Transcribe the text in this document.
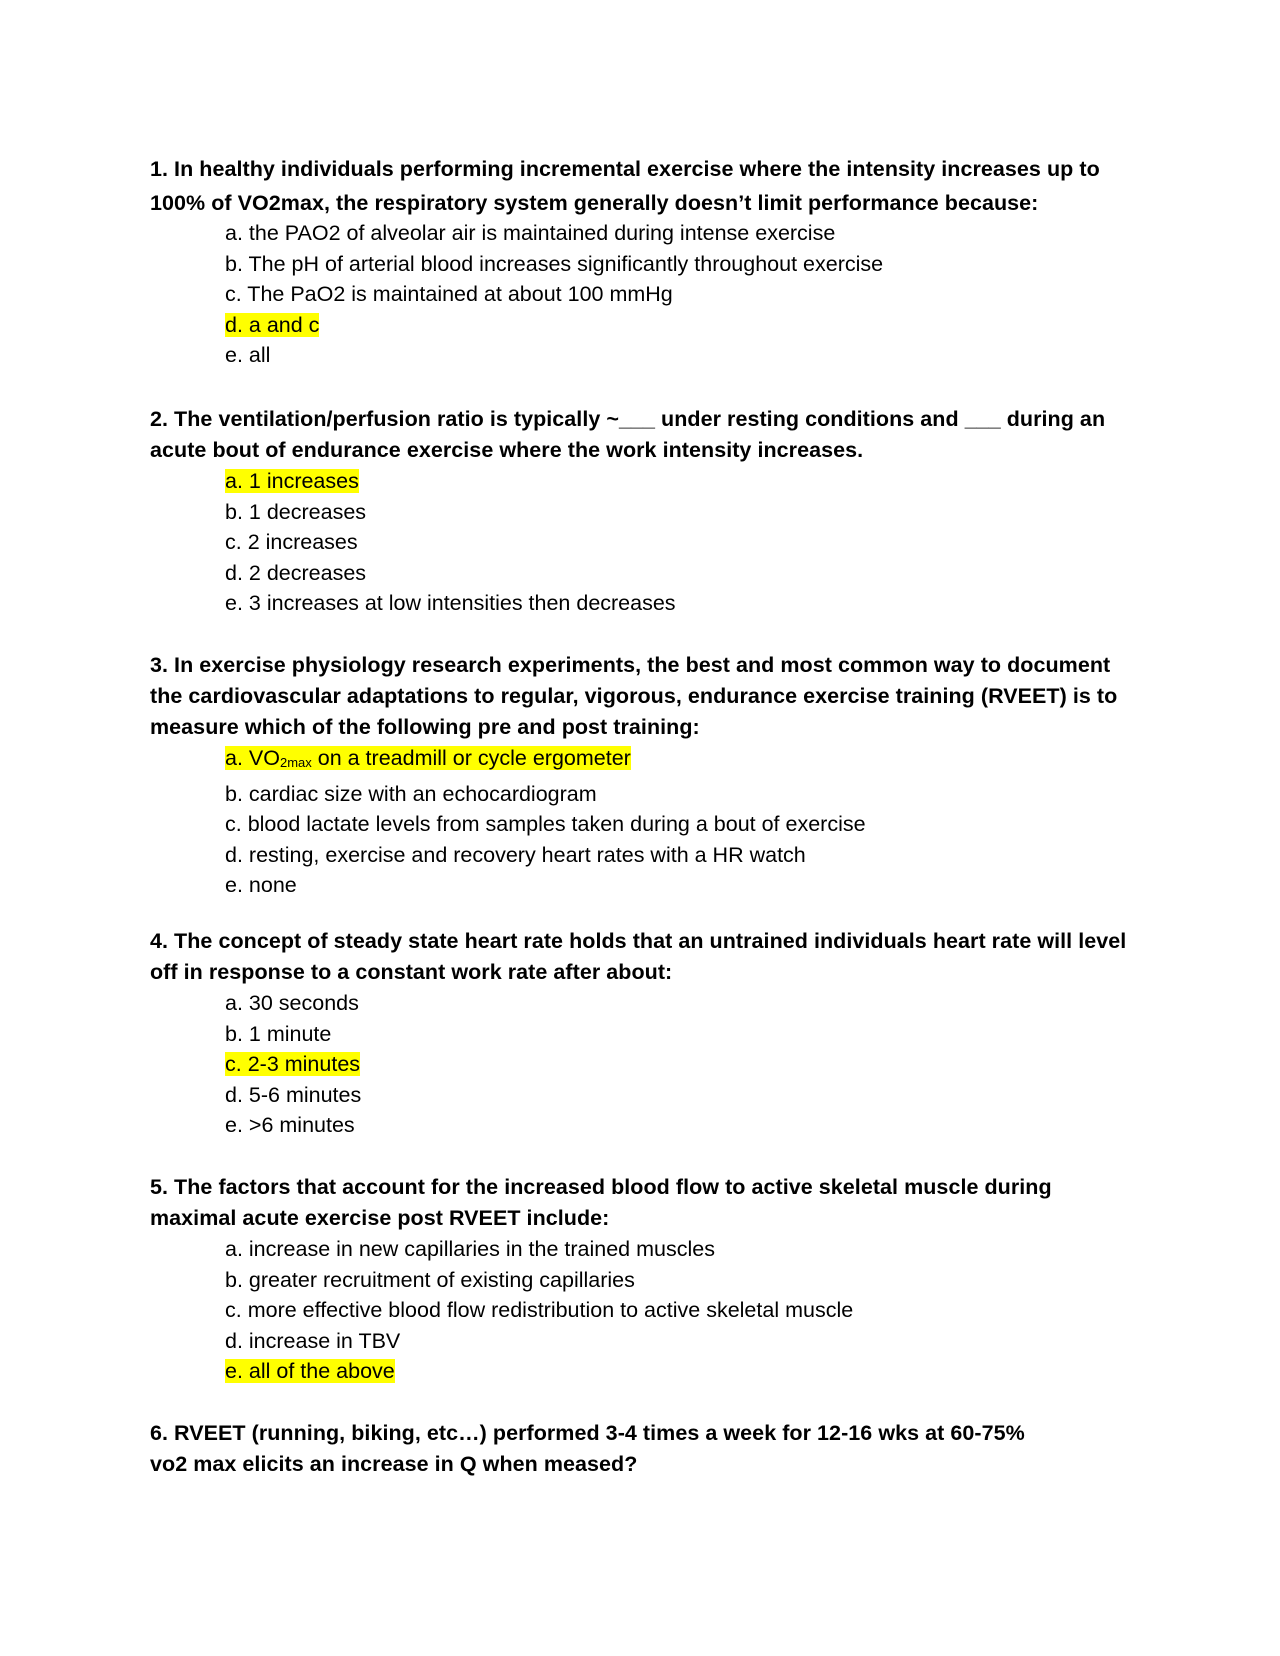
1. In healthy individuals performing incremental exercise where the intensity increases up to 100% of VO2max, the respiratory system generally doesn’t limit performance because:

a. the PAO2 of alveolar air is maintained during intense exercise
b. The pH of arterial blood increases significantly throughout exercise
c. The PaO2 is maintained at about 100 mmHg
d. a and c
e. all

2. The ventilation/perfusion ratio is typically ~___ under resting conditions and ___ during an acute bout of endurance exercise where the work intensity increases.

a. 1 increases
b. 1 decreases
c. 2 increases
d. 2 decreases
e. 3 increases at low intensities then decreases

3. In exercise physiology research experiments, the best and most common way to document the cardiovascular adaptations to regular, vigorous, endurance exercise training (RVEET) is to measure which of the following pre and post training:

a. $VO_{2max}$ on a treadmill or cycle ergometer
b. cardiac size with an echocardiogram
c. blood lactate levels from samples taken during a bout of exercise
d. resting, exercise and recovery heart rates with a HR watch
e. none

4. The concept of steady state heart rate holds that an untrained individuals heart rate will level off in response to a constant work rate after about:

a. 30 seconds
b. 1 minute
c. 2-3 minutes
d. 5-6 minutes
e. >6 minutes

5. The factors that account for the increased blood flow to active skeletal muscle during maximal acute exercise post RVEET include:

a. increase in new capillaries in the trained muscles
b. greater recruitment of existing capillaries
c. more effective blood flow redistribution to active skeletal muscle
d. increase in TBV
e. all of the above

6. RVEET (running, biking, etc…) performed 3-4 times a week for 12-16 wks at 60-75%
vo2 max elicits an increase in Q when meased?
